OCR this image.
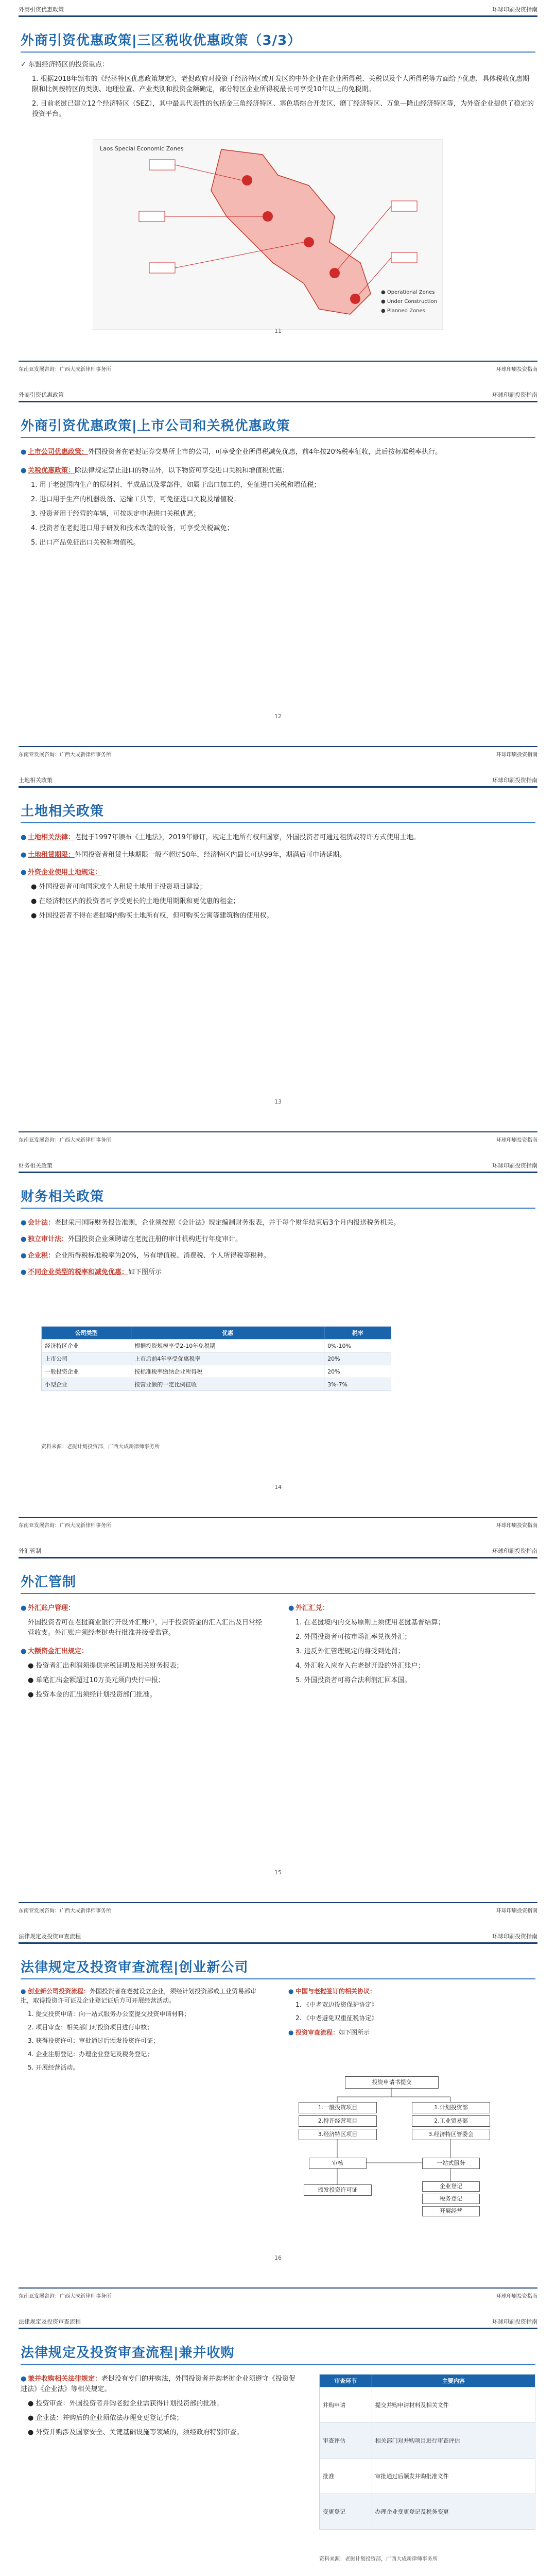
外商引资优惠政策	环球印刷投资指南
外商引资优惠政策|三区税收优惠政策（3/3）
✓ 东盟经济特区的投资重点：
1. 根据2018年颁布的《经济特区优惠政策规定》，老挝政府对投资于经济特区或开发区的中外企业在企业所得税、关税以及个人所得税等方面给予优惠，具体税收优惠期限和比例按特区的类别、地理位置、产业类别和投资金额确定，部分特区企业所得税最长可享受10年以上的免税期。
2. 目前老挝已建立12个经济特区（SEZ），其中最具代表性的包括金三角经济特区、塞色塔综合开发区、磨丁经济特区、万象—隆山经济特区等，为外资企业提供了稳定的投资平台。
Laos Special Economic Zones
● Operational Zones
● Under Construction
● Planned Zones
11
东南亚发展咨询：广西大成新律师事务所	环球印刷投资指南
外商引资优惠政策	环球印刷投资指南
外商引资优惠政策|上市公司和关税优惠政策
● 上市公司优惠政策：外国投资者在老挝证券交易所上市的公司，可享受企业所得税减免优惠，前4年按20%税率征收，此后按标准税率执行。
● 关税优惠政策：除法律规定禁止进口的物品外，以下物资可享受进口关税和增值税优惠：
1. 用于老挝国内生产的原材料、半成品以及零部件，如属于出口加工的，免征进口关税和增值税；
2. 进口用于生产的机器设备、运输工具等，可免征进口关税及增值税；
3. 投资者用于经营的车辆，可按规定申请进口关税优惠；
4. 投资者在老挝进口用于研发和技术改造的设备，可享受关税减免；
5. 出口产品免征出口关税和增值税。
12
东南亚发展咨询：广西大成新律师事务所	环球印刷投资指南
土地相关政策	环球印刷投资指南
土地相关政策
● 土地相关法律：老挝于1997年颁布《土地法》，2019年修订，规定土地所有权归国家，外国投资者可通过租赁或特许方式使用土地。
● 土地租赁期限：外国投资者租赁土地期限一般不超过50年，经济特区内最长可达99年，期满后可申请延期。
● 外资企业使用土地规定：
● 外国投资者可向国家或个人租赁土地用于投资项目建设；
● 在经济特区内的投资者可享受更长的土地使用期限和更优惠的租金；
● 外国投资者不得在老挝境内购买土地所有权，但可购买公寓等建筑物的使用权。
13
东南亚发展咨询：广西大成新律师事务所	环球印刷投资指南
财务相关政策	环球印刷投资指南
财务相关政策
● 会计法：老挝采用国际财务报告准则，企业须按照《会计法》规定编制财务报表，并于每个财年结束后3个月内报送税务机关。
● 独立审计法：外国投资企业须聘请在老挝注册的审计机构进行年度审计。
● 企业税：企业所得税标准税率为20%，另有增值税、消费税、个人所得税等税种。
● 不同企业类型的税率和减免优惠：如下图所示
公司类型	优惠	税率
经济特区企业	根据投资规模享受2-10年免税期	0%-10%
上市公司	上市后前4年享受优惠税率	20%
一般投资企业	按标准税率缴纳企业所得税	20%
小型企业	按营业额的一定比例征收	3%-7%
资料来源：老挝计划投资部，广西大成新律师事务所
14
东南亚发展咨询：广西大成新律师事务所	环球印刷投资指南
外汇管制	环球印刷投资指南
外汇管制
● 外汇账户管理：
外国投资者可在老挝商业银行开设外汇账户，用于投资资金的汇入汇出及日常经营收支。外汇账户须经老挝央行批准并接受监管。
● 大额资金汇出规定：
● 投资者汇出利润须提供完税证明及相关财务报表；
● 单笔汇出金额超过10万美元须向央行申报；
● 投资本金的汇出须经计划投资部门批准。
● 外汇汇兑：
1. 在老挝境内的交易原则上须使用老挝基普结算；
2. 外国投资者可按市场汇率兑换外汇；
3. 违反外汇管理规定的将受到处罚；
4. 外汇收入应存入在老挝开设的外汇账户；
5. 外国投资者可将合法利润汇回本国。
15
东南亚发展咨询：广西大成新律师事务所	环球印刷投资指南
法律规定及投资审查流程	环球印刷投资指南
法律规定及投资审查流程|创业新公司
● 创业新公司投资流程：外国投资者在老挝设立企业，须经计划投资部或工业贸易部审批，取得投资许可证及企业登记证后方可开展经营活动。
1. 提交投资申请：向一站式服务办公室提交投资申请材料；
2. 项目审查：相关部门对投资项目进行审核；
3. 获得投资许可：审批通过后颁发投资许可证；
4. 企业注册登记：办理企业登记及税务登记；
5. 开展经营活动。
● 中国与老挝签订的相关协议：
1. 《中老双边投资保护协定》
2. 《中老避免双重征税协定》
● 投资审查流程：如下图所示
投资申请书提交
1.一般投资项目
2.特许经营项目
3.经济特区项目
1.计划投资部
2.工业贸易部
3.经济特区管委会
审核	一站式服务
颁发投资许可证
企业登记
税务登记
开展经营
16
东南亚发展咨询：广西大成新律师事务所	环球印刷投资指南
法律规定及投资审查流程	环球印刷投资指南
法律规定及投资审查流程|兼并收购
● 兼并收购相关法律规定：老挝没有专门的并购法，外国投资者并购老挝企业须遵守《投资促进法》《企业法》等相关规定。
● 投资审查：外国投资者并购老挝企业需获得计划投资部的批准；
● 企业法：并购后的企业须依法办理变更登记手续；
● 外资并购涉及国家安全、关键基础设施等领域的，须经政府特别审查。
审查环节	主要内容
并购申请	提交并购申请材料及相关文件
审查评估	相关部门对并购项目进行审查评估
批准	审批通过后颁发并购批准文件
变更登记	办理企业变更登记及税务变更
资料来源：老挝计划投资部，广西大成新律师事务所
